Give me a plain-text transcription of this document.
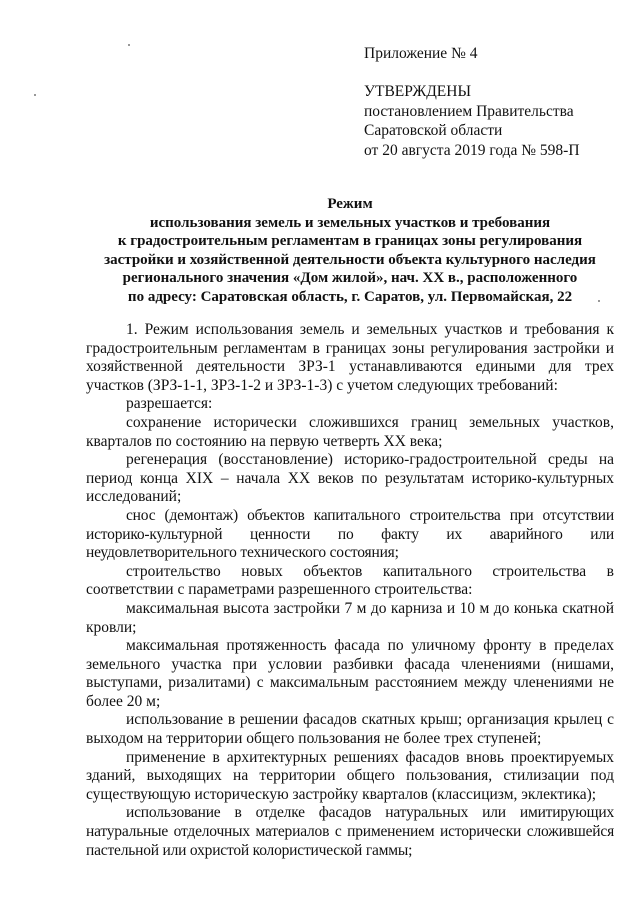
Приложение № 4
УТВЕРЖДЕНЫ
постановлением Правительства
Саратовской области
от 20 августа 2019 года № 598-П
Режим
использования земель и земельных участков и требования
к градостроительным регламентам в границах зоны регулирования
застройки и хозяйственной деятельности объекта культурного наследия
регионального значения «Дом жилой», нач. XX в., расположенного
по адресу: Саратовская область, г. Саратов, ул. Первомайская, 22

1. Режим использования земель и земельных участков и требования к градостроительным регламентам в границах зоны регулирования застройки и хозяйственной деятельности ЗРЗ-1 устанавливаются едиными для трех участков (ЗРЗ-1-1, ЗРЗ-1-2 и ЗРЗ-1-3) с учетом следующих требований:

разрешается:

сохранение исторически сложившихся границ земельных участков, кварталов по состоянию на первую четверть XX века;

регенерация (восстановление) историко-градостроительной среды на период конца XIX – начала XX веков по результатам историко-культурных исследований;

снос (демонтаж) объектов капитального строительства при отсутствии историко-культурной ценности по факту их аварийного или неудовлетворительного технического состояния;

строительство новых объектов капитального строительства в соответствии с параметрами разрешенного строительства:

максимальная высота застройки 7 м до карниза и 10 м до конька скатной кровли;

максимальная протяженность фасада по уличному фронту в пределах земельного участка при условии разбивки фасада членениями (нишами, выступами, ризалитами) с максимальным расстоянием между членениями не более 20 м;

использование в решении фасадов скатных крыш; организация крылец с выходом на территории общего пользования не более трех ступеней;

применение в архитектурных решениях фасадов вновь проектируемых зданий, выходящих на территории общего пользования, стилизации под существующую историческую застройку кварталов (классицизм, эклектика);

использование в отделке фасадов натуральных или имитирующих натуральные отделочных материалов с применением исторически сложившейся пастельной или охристой колористической гаммы;
